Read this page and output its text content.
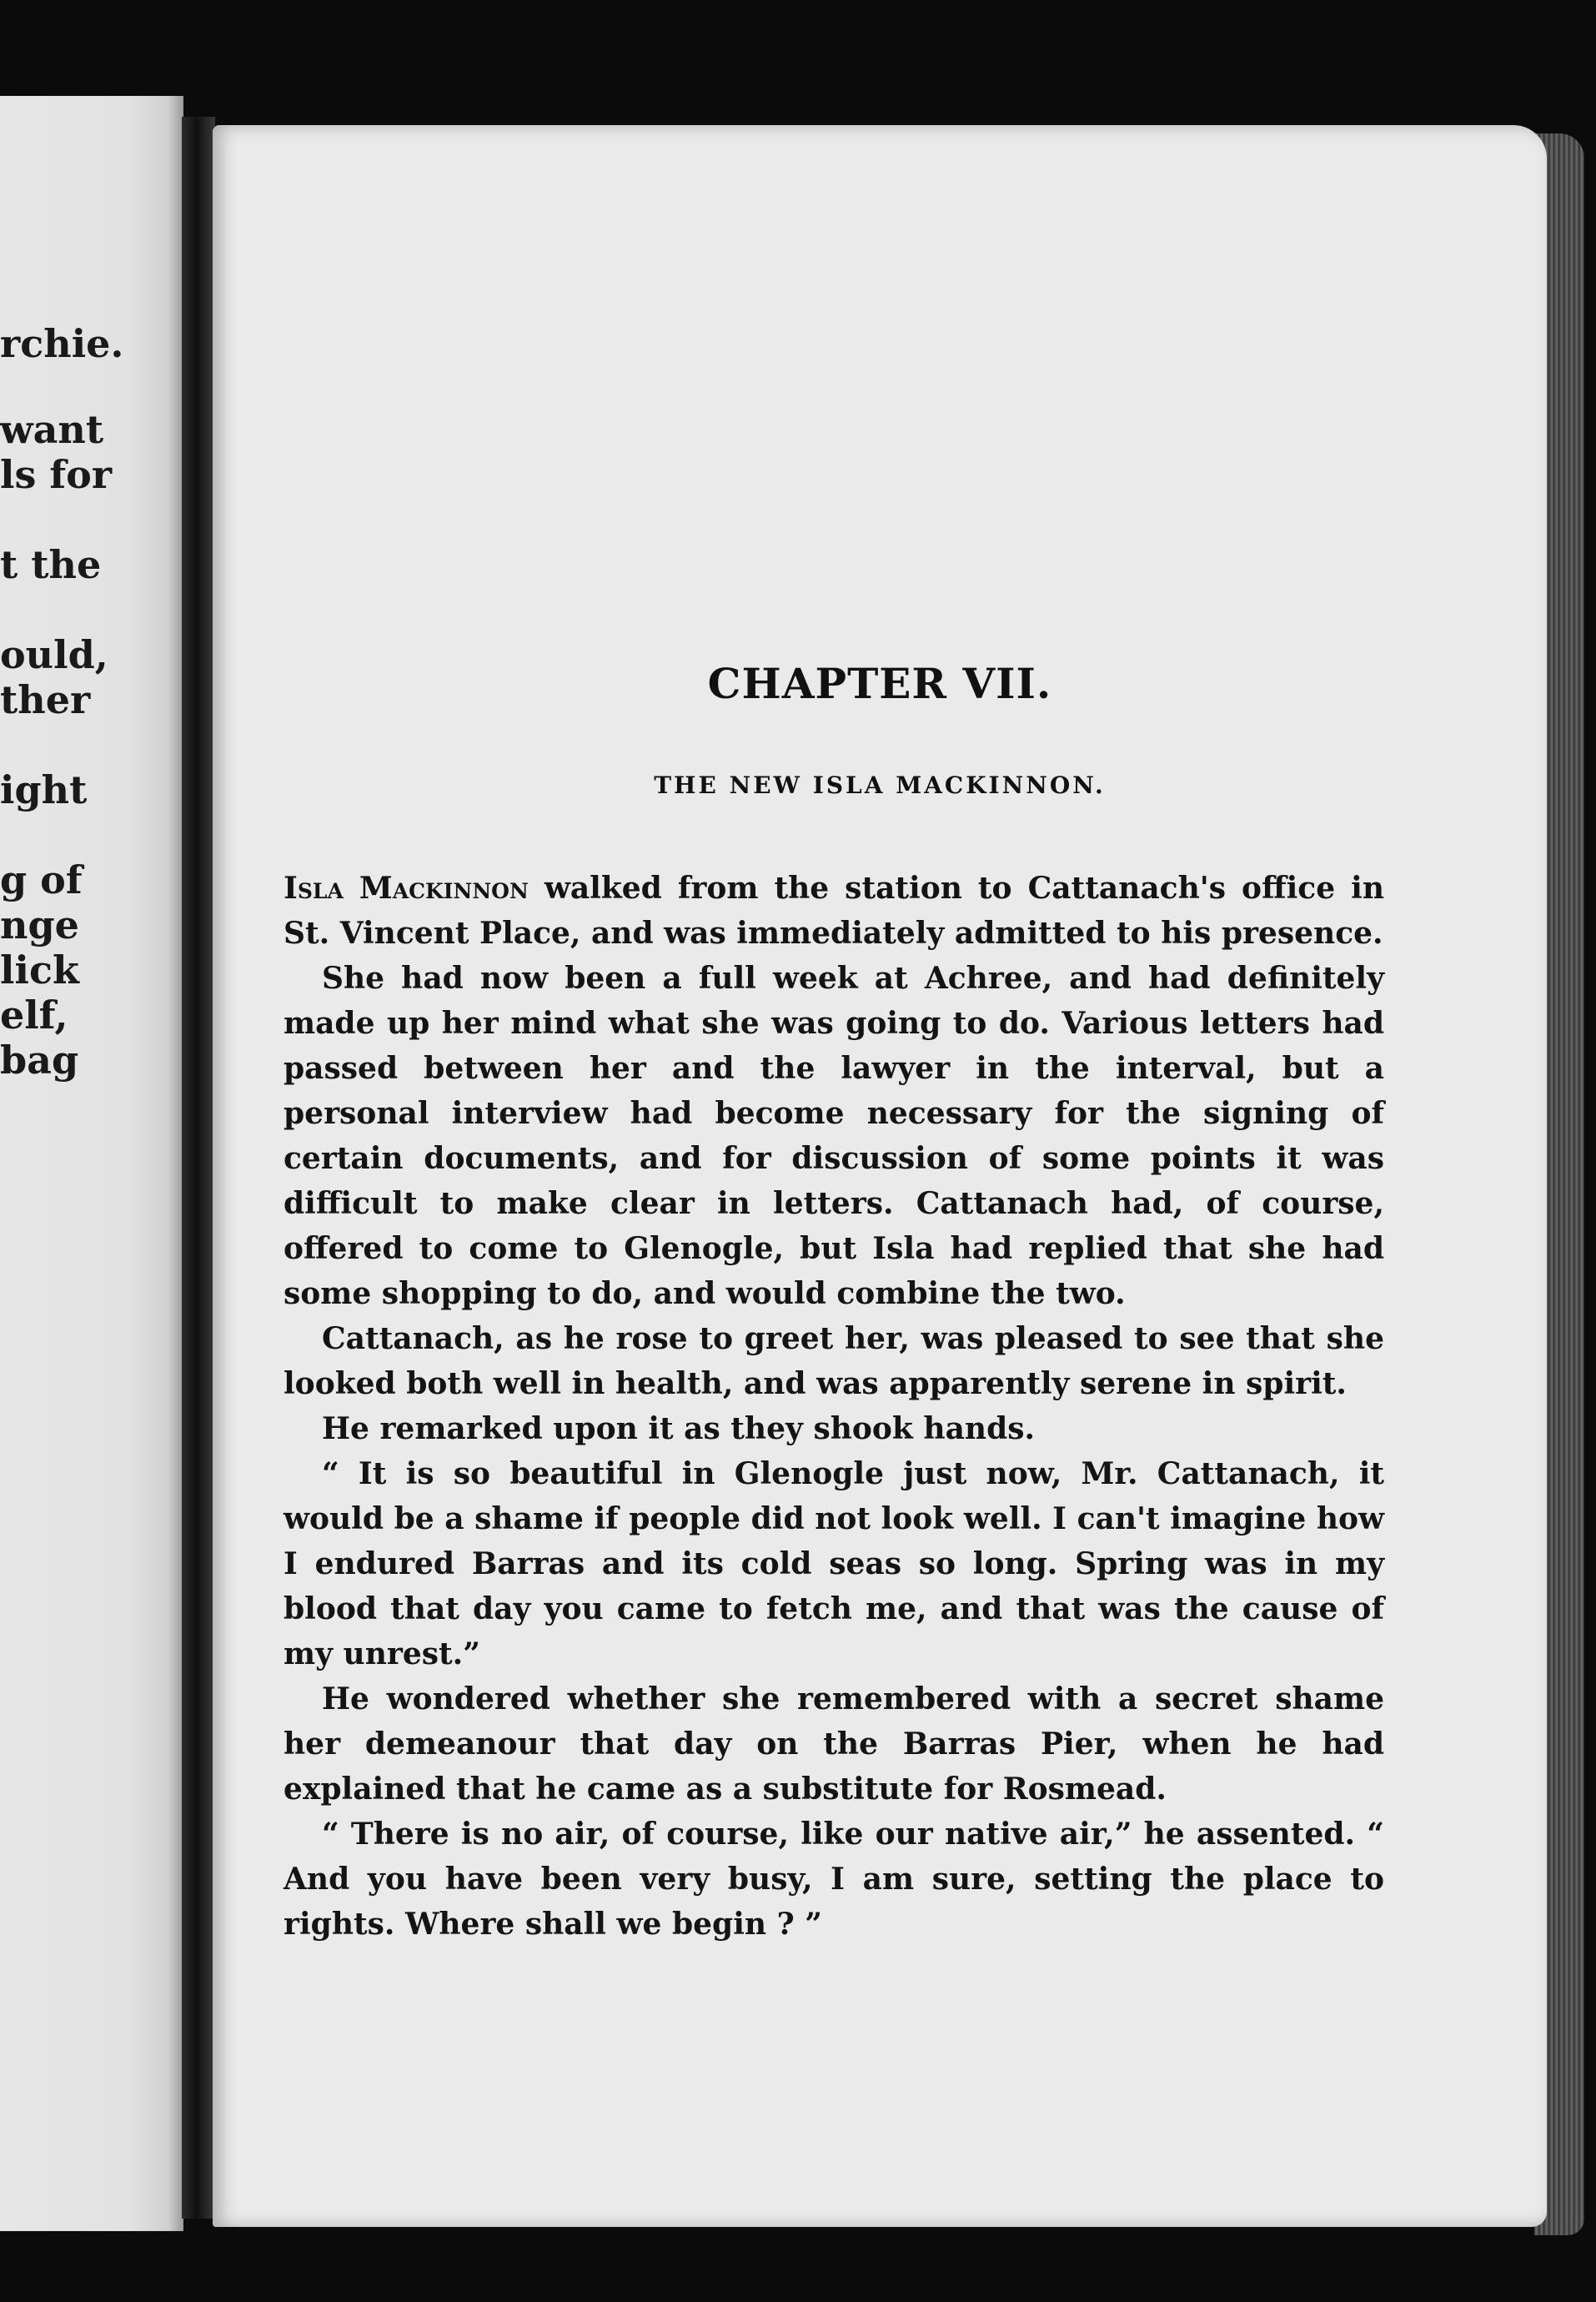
rchie.
want
ls for
t the
ould,
ther
ight
g of
nge
lick
elf,
bag
CHAPTER VII.
THE NEW ISLA MACKINNON.

Isla Mackinnon walked from the station to Cattanach's office in St. Vincent Place, and was immediately admitted to his presence.

She had now been a full week at Achree, and had definitely made up her mind what she was going to do. Various letters had passed between her and the lawyer in the interval, but a personal interview had become necessary for the signing of certain documents, and for discussion of some points it was difficult to make clear in letters. Cattanach had, of course, offered to come to Glenogle, but Isla had replied that she had some shopping to do, and would combine the two.

Cattanach, as he rose to greet her, was pleased to see that she looked both well in health, and was apparently serene in spirit.

He remarked upon it as they shook hands.

“ It is so beautiful in Glenogle just now, Mr. Cattanach, it would be a shame if people did not look well. I can't imagine how I endured Barras and its cold seas so long. Spring was in my blood that day you came to fetch me, and that was the cause of my unrest.”

He wondered whether she remembered with a secret shame her demeanour that day on the Barras Pier, when he had explained that he came as a substitute for Rosmead.

“ There is no air, of course, like our native air,” he assented. “ And you have been very busy, I am sure, setting the place to rights. Where shall we begin ? ”
